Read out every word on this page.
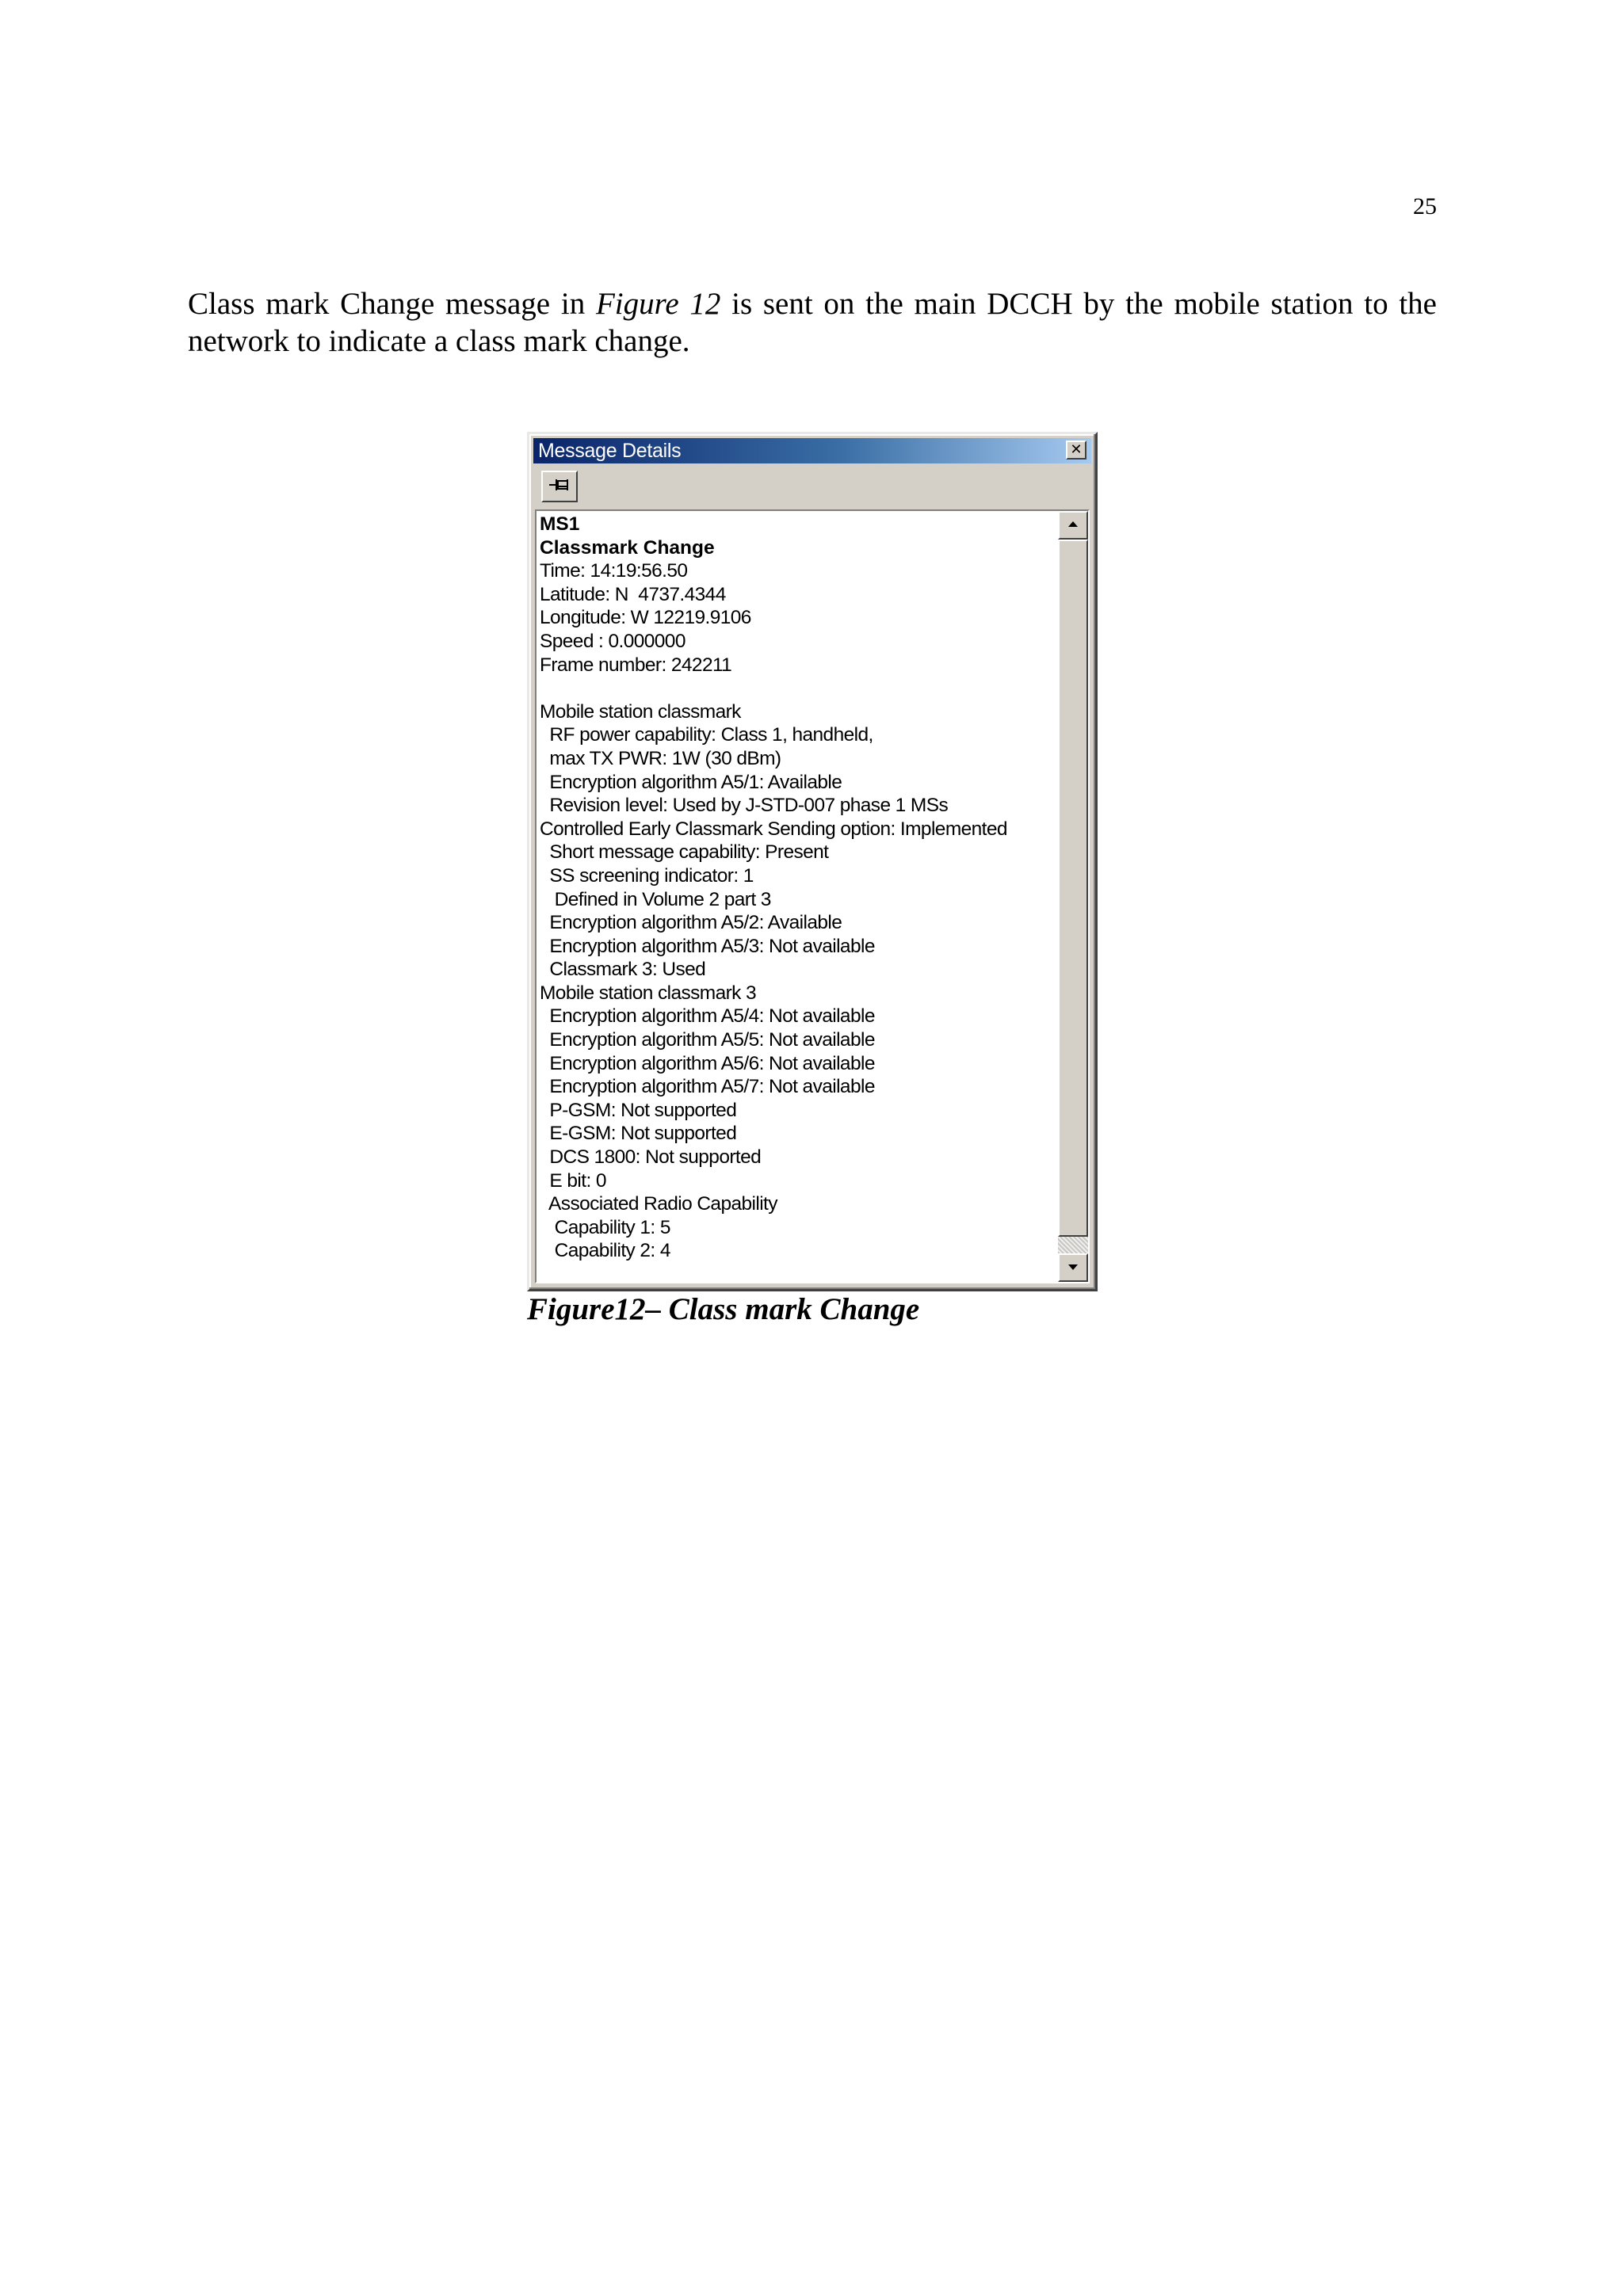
25

Class mark Change message in Figure 12 is sent on the main DCCH by the mobile station to the network to indicate a class mark change.

Message Details	✕
MS1
Classmark Change
Time: 14:19:56.50
Latitude: N  4737.4344
Longitude: W 12219.9106
Speed : 0.000000
Frame number: 242211
Mobile station classmark
RF power capability: Class 1, handheld,
max TX PWR: 1W (30 dBm)
Encryption algorithm A5/1: Available
Revision level: Used by J-STD-007 phase 1 MSs
Controlled Early Classmark Sending option: Implemented
Short message capability: Present
SS screening indicator: 1
Defined in Volume 2 part 3
Encryption algorithm A5/2: Available
Encryption algorithm A5/3: Not available
Classmark 3: Used
Mobile station classmark 3
Encryption algorithm A5/4: Not available
Encryption algorithm A5/5: Not available
Encryption algorithm A5/6: Not available
Encryption algorithm A5/7: Not available
P-GSM: Not supported
E-GSM: Not supported
DCS 1800: Not supported
E bit: 0
Associated Radio Capability
Capability 1: 5
Capability 2: 4
Figure12– Class mark Change
